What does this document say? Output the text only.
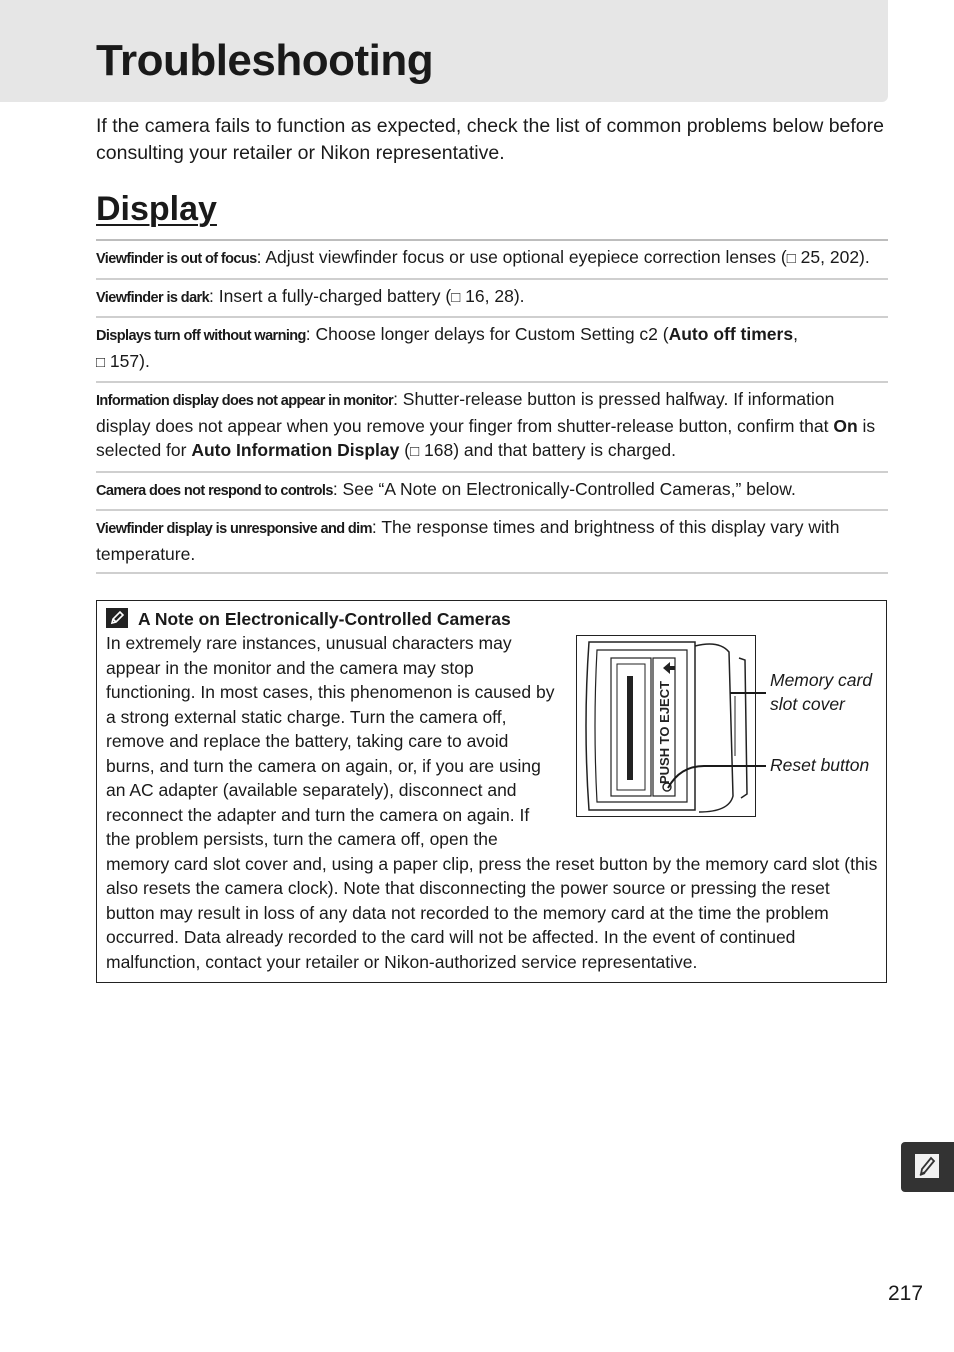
Troubleshooting

If the camera fails to function as expected, check the list of common problems below before consulting your retailer or Nikon representative.

Display
Viewfinder is out of focus: Adjust viewfinder focus or use optional eyepiece correction lenses (□ 25, 202).
Viewfinder is dark: Insert a fully-charged battery (□ 16, 28).
Displays turn off without warning: Choose longer delays for Custom Setting c2 (Auto off timers,
□ 157).
Information display does not appear in monitor: Shutter-release button is pressed halfway. If information display does not appear when you remove your finger from shutter-release button, confirm that On is selected for Auto Information Display (□ 168) and that battery is charged.
Camera does not respond to controls: See “A Note on Electronically-Controlled Cameras,” below.
Viewfinder display is unresponsive and dim: The response times and brightness of this display vary with temperature.
A Note on Electronically-Controlled Cameras

In extremely rare instances, unusual characters may appear in the monitor and the camera may stop functioning. In most cases, this phenomenon is caused by a strong external static charge. Turn the camera off, remove and replace the battery, taking care to avoid burns, and turn the camera on again, or, if you are using an AC adapter (available separately), disconnect and reconnect the adapter and turn the camera on again. If the problem persists, turn the camera off, open the memory card slot cover and, using a paper clip, press the reset button by the memory card slot (this also resets the camera clock). Note that disconnecting the power source or pressing the reset button may result in loss of any data not recorded to the memory card at the time the problem occurred. Data already recorded to the card will not be affected. In the event of continued malfunction, contact your retailer or Nikon-authorized service representative.

PUSH TO EJECT
Memory card slot cover
Reset button
217
